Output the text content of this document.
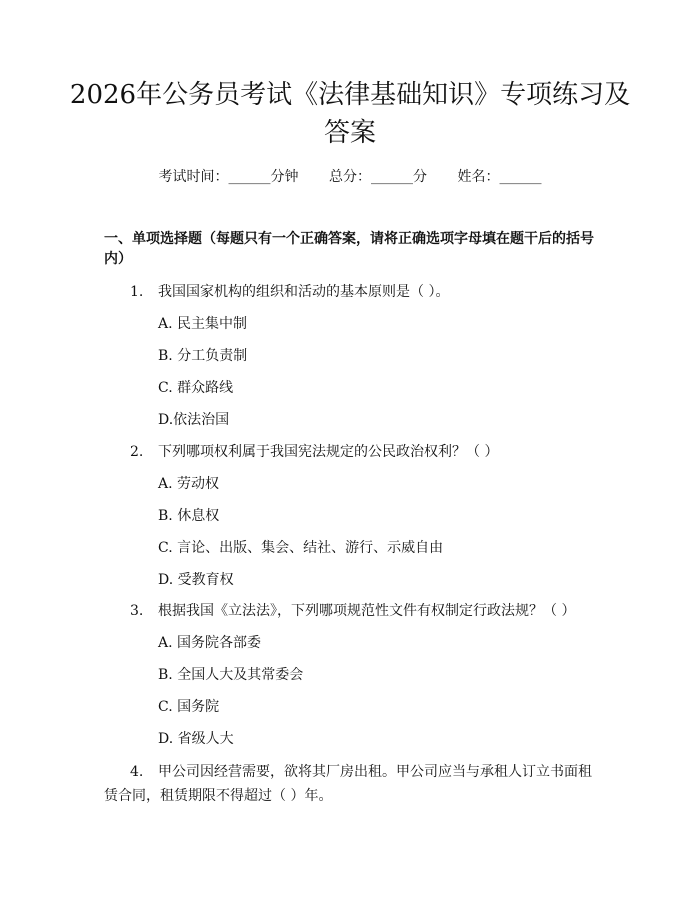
2026年公务员考试《法律基础知识》专项练习及答案
考试时间：______分钟 总分：______分 姓名：______
一、单项选择题（每题只有一个正确答案，请将正确选项字母填在题干后的括号内）
1. 我国国家机构的组织和活动的基本原则是（ ）。
A. 民主集中制
B. 分工负责制
C. 群众路线
D.依法治国
2. 下列哪项权利属于我国宪法规定的公民政治权利？（ ）
A. 劳动权
B. 休息权
C. 言论、出版、集会、结社、游行、示威自由
D. 受教育权
3. 根据我国《立法法》，下列哪项规范性文件有权制定行政法规？（ ）
A. 国务院各部委
B. 全国人大及其常委会
C. 国务院
D. 省级人大
4. 甲公司因经营需要，欲将其厂房出租。甲公司应当与承租人订立书面租赁合同，租赁期限不得超过（ ）年。
